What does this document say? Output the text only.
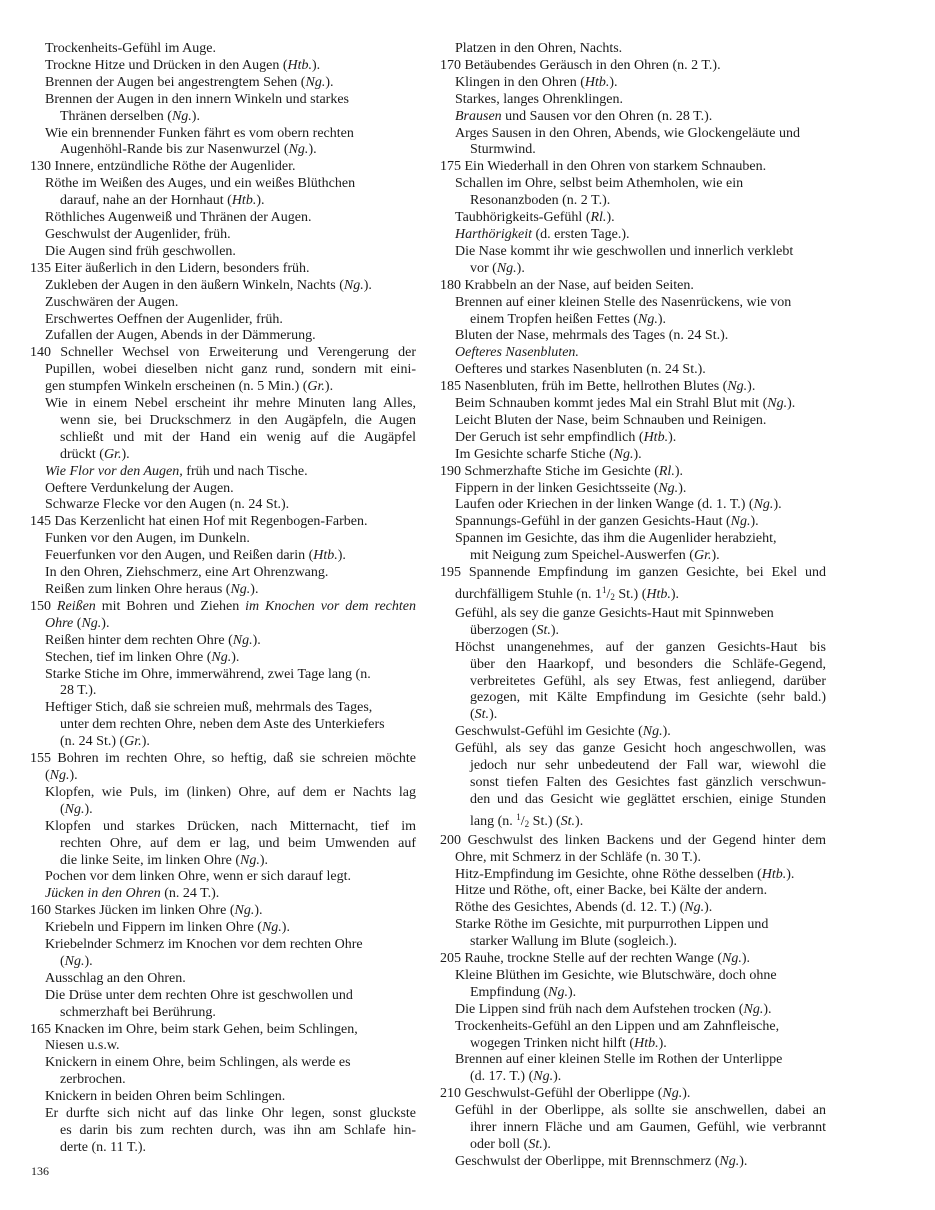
Trockenheits-Gefühl im Auge.
Trockne Hitze und Drücken in den Augen (Htb.).
Brennen der Augen bei angestrengtem Sehen (Ng.).
Brennen der Augen in den innern Winkeln und starkes
Thränen derselben (Ng.).
Wie ein brennender Funken fährt es vom obern rechten
Augenhöhl-Rande bis zur Nasenwurzel (Ng.).
130 Innere, entzündliche Röthe der Augenlider.
Röthe im Weißen des Auges, und ein weißes Blüthchen
darauf, nahe an der Hornhaut (Htb.).
Röthliches Augenweiß und Thränen der Augen.
Geschwulst der Augenlider, früh.
Die Augen sind früh geschwollen.
135 Eiter äußerlich in den Lidern, besonders früh.
Zukleben der Augen in den äußern Winkeln, Nachts (Ng.).
Zuschwären der Augen.
Erschwertes Oeffnen der Augenlider, früh.
Zufallen der Augen, Abends in der Dämmerung.
140 Schneller Wechsel von Erweiterung und Verengerung der
Pupillen, wobei dieselben nicht ganz rund, sondern mit eini-
gen stumpfen Winkeln erscheinen (n. 5 Min.) (Gr.).
Wie in einem Nebel erscheint ihr mehre Minuten lang Alles,
wenn sie, bei Druckschmerz in den Augäpfeln, die Augen
schließt und mit der Hand ein wenig auf die Augäpfel
drückt (Gr.).
Wie Flor vor den Augen, früh und nach Tische.
Oeftere Verdunkelung der Augen.
Schwarze Flecke vor den Augen (n. 24 St.).
145 Das Kerzenlicht hat einen Hof mit Regenbogen-Farben.
Funken vor den Augen, im Dunkeln.
Feuerfunken vor den Augen, und Reißen darin (Htb.).
In den Ohren, Ziehschmerz, eine Art Ohrenzwang.
Reißen zum linken Ohre heraus (Ng.).
150 Reißen mit Bohren und Ziehen im Knochen vor dem rechten
Ohre (Ng.).
Reißen hinter dem rechten Ohre (Ng.).
Stechen, tief im linken Ohre (Ng.).
Starke Stiche im Ohre, immerwährend, zwei Tage lang (n.
28 T.).
Heftiger Stich, daß sie schreien muß, mehrmals des Tages,
unter dem rechten Ohre, neben dem Aste des Unterkiefers
(n. 24 St.) (Gr.).
155 Bohren im rechten Ohre, so heftig, daß sie schreien möchte
(Ng.).
Klopfen, wie Puls, im (linken) Ohre, auf dem er Nachts lag
(Ng.).
Klopfen und starkes Drücken, nach Mitternacht, tief im
rechten Ohre, auf dem er lag, und beim Umwenden auf
die linke Seite, im linken Ohre (Ng.).
Pochen vor dem linken Ohre, wenn er sich darauf legt.
Jücken in den Ohren (n. 24 T.).
160 Starkes Jücken im linken Ohre (Ng.).
Kriebeln und Fippern im linken Ohre (Ng.).
Kriebelnder Schmerz im Knochen vor dem rechten Ohre
(Ng.).
Ausschlag an den Ohren.
Die Drüse unter dem rechten Ohre ist geschwollen und
schmerzhaft bei Berührung.
165 Knacken im Ohre, beim stark Gehen, beim Schlingen,
Niesen u.s.w.
Knickern in einem Ohre, beim Schlingen, als werde es
zerbrochen.
Knickern in beiden Ohren beim Schlingen.
Er durfte sich nicht auf das linke Ohr legen, sonst gluckste
es darin bis zum rechten durch, was ihn am Schlafe hin-
derte (n. 11 T.).
Platzen in den Ohren, Nachts.
170 Betäubendes Geräusch in den Ohren (n. 2 T.).
Klingen in den Ohren (Htb.).
Starkes, langes Ohrenklingen.
Brausen und Sausen vor den Ohren (n. 28 T.).
Arges Sausen in den Ohren, Abends, wie Glockengeläute und
Sturmwind.
175 Ein Wiederhall in den Ohren von starkem Schnauben.
Schallen im Ohre, selbst beim Athemholen, wie ein
Resonanzboden (n. 2 T.).
Taubhörigkeits-Gefühl (Rl.).
Harthörigkeit (d. ersten Tage.).
Die Nase kommt ihr wie geschwollen und innerlich verklebt
vor (Ng.).
180 Krabbeln an der Nase, auf beiden Seiten.
Brennen auf einer kleinen Stelle des Nasenrückens, wie von
einem Tropfen heißen Fettes (Ng.).
Bluten der Nase, mehrmals des Tages (n. 24 St.).
Oefteres Nasenbluten.
Oefteres und starkes Nasenbluten (n. 24 St.).
185 Nasenbluten, früh im Bette, hellrothen Blutes (Ng.).
Beim Schnauben kommt jedes Mal ein Strahl Blut mit (Ng.).
Leicht Bluten der Nase, beim Schnauben und Reinigen.
Der Geruch ist sehr empfindlich (Htb.).
Im Gesichte scharfe Stiche (Ng.).
190 Schmerzhafte Stiche im Gesichte (Rl.).
Fippern in der linken Gesichtsseite (Ng.).
Laufen oder Kriechen in der linken Wange (d. 1. T.) (Ng.).
Spannungs-Gefühl in der ganzen Gesichts-Haut (Ng.).
Spannen im Gesichte, das ihm die Augenlider herabzieht,
mit Neigung zum Speichel-Auswerfen (Gr.).
195 Spannende Empfindung im ganzen Gesichte, bei Ekel und
durchfälligem Stuhle (n. $1^1/2$ St.) (Htb.).
Gefühl, als sey die ganze Gesichts-Haut mit Spinnweben
überzogen (St.).
Höchst unangenehmes, auf der ganzen Gesichts-Haut bis
über den Haarkopf, und besonders die Schläfe-Gegend,
verbreitetes Gefühl, als sey Etwas, fest anliegend, darüber
gezogen, mit Kälte Empfindung im Gesichte (sehr bald.)
(St.).
Geschwulst-Gefühl im Gesichte (Ng.).
Gefühl, als sey das ganze Gesicht hoch angeschwollen, was
jedoch nur sehr unbedeutend der Fall war, wiewohl die
sonst tiefen Falten des Gesichtes fast gänzlich verschwun-
den und das Gesicht wie geglättet erschien, einige Stunden
lang (n. $^1$/2 St.) (St.).
200 Geschwulst des linken Backens und der Gegend hinter dem
Ohre, mit Schmerz in der Schläfe (n. 30 T.).
Hitz-Empfindung im Gesichte, ohne Röthe desselben (Htb.).
Hitze und Röthe, oft, einer Backe, bei Kälte der andern.
Röthe des Gesichtes, Abends (d. 12. T.) (Ng.).
Starke Röthe im Gesichte, mit purpurrothen Lippen und
starker Wallung im Blute (sogleich.).
205 Rauhe, trockne Stelle auf der rechten Wange (Ng.).
Kleine Blüthen im Gesichte, wie Blutschwäre, doch ohne
Empfindung (Ng.).
Die Lippen sind früh nach dem Aufstehen trocken (Ng.).
Trockenheits-Gefühl an den Lippen und am Zahnfleische,
wogegen Trinken nicht hilft (Htb.).
Brennen auf einer kleinen Stelle im Rothen der Unterlippe
(d. 17. T.) (Ng.).
210 Geschwulst-Gefühl der Oberlippe (Ng.).
Gefühl in der Oberlippe, als sollte sie anschwellen, dabei an
ihrer innern Fläche und am Gaumen, Gefühl, wie verbrannt
oder boll (St.).
Geschwulst der Oberlippe, mit Brennschmerz (Ng.).
136
